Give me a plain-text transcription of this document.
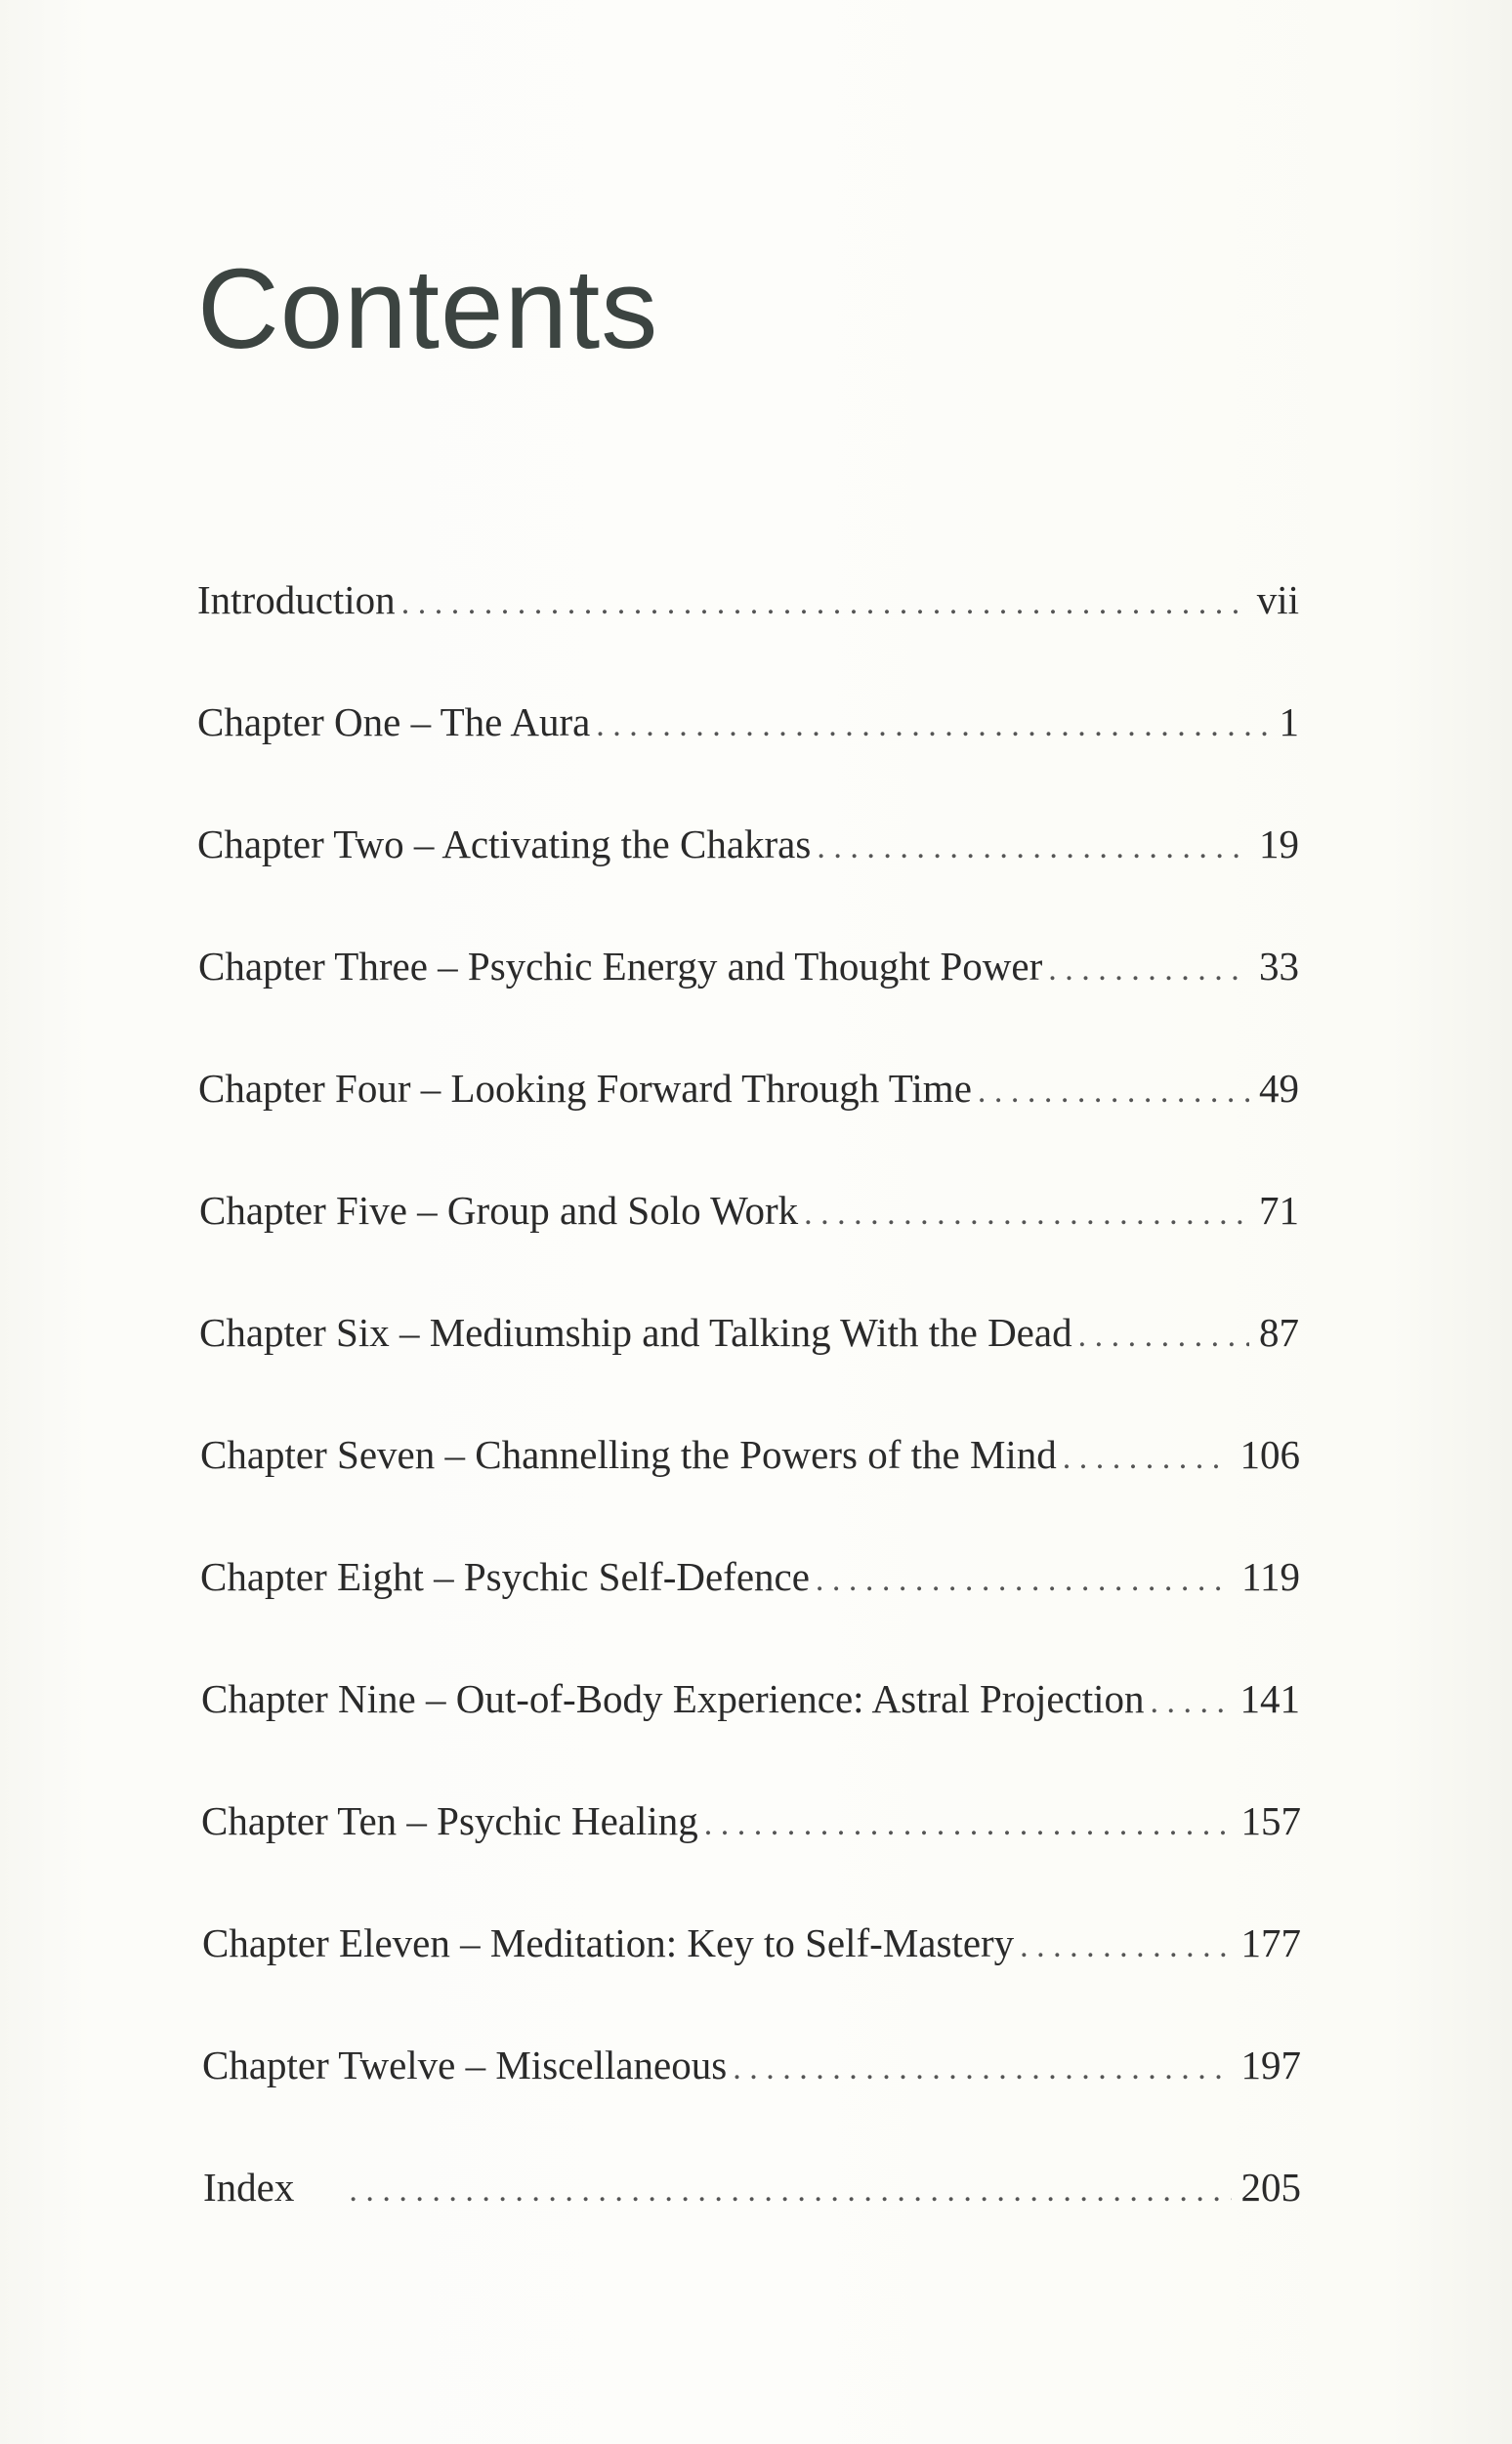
Contents
Introduction . . .	vii
Chapter One – The Aura . . .	1
Chapter Two – Activating the Chakras . . .	19
Chapter Three – Psychic Energy and Thought Power . . .	33
Chapter Four – Looking Forward Through Time . . .	49
Chapter Five – Group and Solo Work . . .	71
Chapter Six – Mediumship and Talking With the Dead . . .	87
Chapter Seven – Channelling the Powers of the Mind . . .	106
Chapter Eight – Psychic Self-Defence . . .	119
Chapter Nine – Out-of-Body Experience: Astral Projection . . . 141
Chapter Ten – Psychic Healing . . .	157
Chapter Eleven – Meditation: Key to Self-Mastery . . .	177
Chapter Twelve – Miscellaneous . . .	197
Index . . .	205
